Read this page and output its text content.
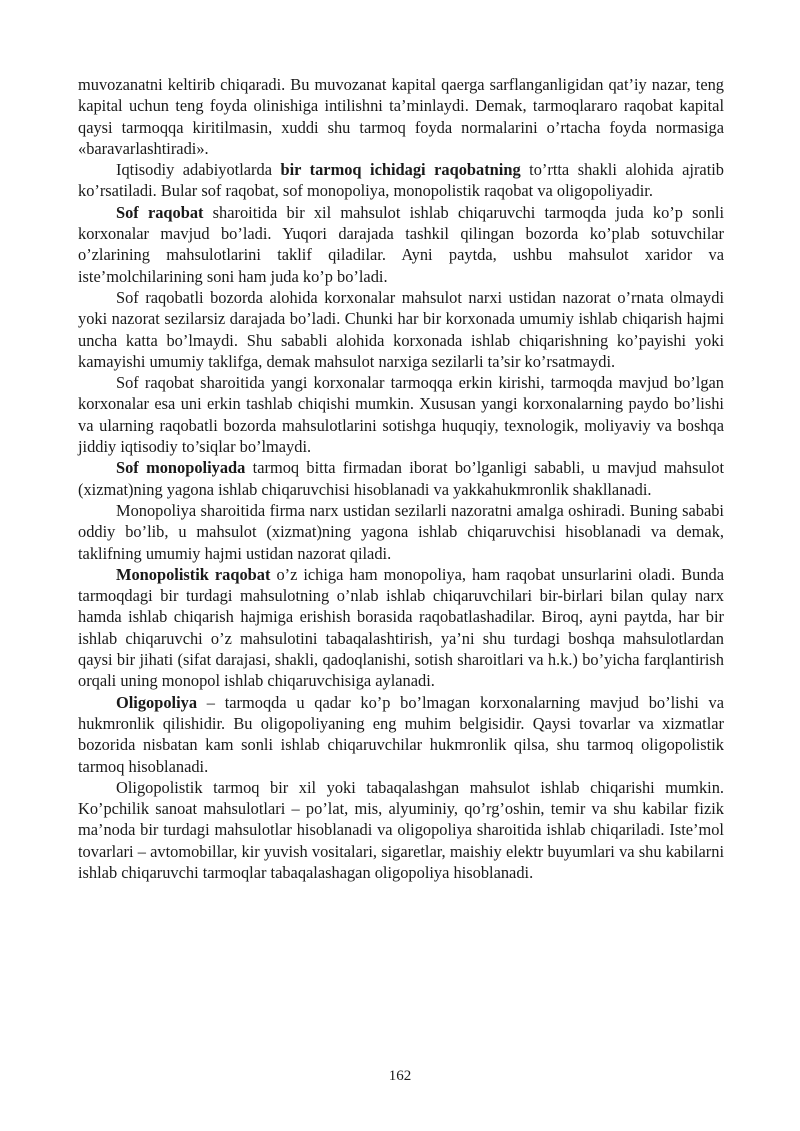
muvozanatni keltirib chiqaradi. Bu muvozanat kapital qaerga sarflanganligidan qat’iy nazar, teng kapital uchun teng foyda olinishiga intilishni ta’minlaydi. Demak, tarmoqlararo raqobat kapital qaysi tarmoqqa kiritilmasin, xuddi shu tarmoq foyda normalarini o’rtacha foyda normasiga «baravarlashtiradi».

Iqtisodiy adabiyotlarda bir tarmoq ichidagi raqobatning to’rtta shakli alohida ajratib ko’rsatiladi. Bular sof raqobat, sof monopoliya, monopolistik raqobat va oligopoliyadir.

Sof raqobat sharoitida bir xil mahsulot ishlab chiqaruvchi tarmoqda juda ko’p sonli korxonalar mavjud bo’ladi. Yuqori darajada tashkil qilingan bozorda ko’plab sotuvchilar o’zlarining mahsulotlarini taklif qiladilar. Ayni paytda, ushbu mahsulot xaridor va iste’molchilarining soni ham juda ko’p bo’ladi.

Sof raqobatli bozorda alohida korxonalar mahsulot narxi ustidan nazorat o’rnata olmaydi yoki nazorat sezilarsiz darajada bo’ladi. Chunki har bir korxonada umumiy ishlab chiqarish hajmi uncha katta bo’lmaydi. Shu sababli alohida korxonada ishlab chiqarishning ko’payishi yoki kamayishi umumiy taklifga, demak mahsulot narxiga sezilarli ta’sir ko’rsatmaydi.

Sof raqobat sharoitida yangi korxonalar tarmoqqa erkin kirishi, tarmoqda mavjud bo’lgan korxonalar esa uni erkin tashlab chiqishi mumkin. Xususan yangi korxonalarning paydo bo’lishi va ularning raqobatli bozorda mahsulotlarini sotishga huquqiy, texnologik, moliyaviy va boshqa jiddiy iqtisodiy to’siqlar bo’lmaydi.

Sof monopoliyada tarmoq bitta firmadan iborat bo’lganligi sababli, u mavjud mahsulot (xizmat)ning yagona ishlab chiqaruvchisi hisoblanadi va yakkahukmronlik shakllanadi.

Monopoliya sharoitida firma narx ustidan sezilarli nazoratni amalga oshiradi. Buning sababi oddiy bo’lib, u mahsulot (xizmat)ning yagona ishlab chiqaruvchisi hisoblanadi va demak, taklifning umumiy hajmi ustidan nazorat qiladi.

Monopolistik raqobat o’z ichiga ham monopoliya, ham raqobat unsurlarini oladi. Bunda tarmoqdagi bir turdagi mahsulotning o’nlab ishlab chiqaruvchilari bir-birlari bilan qulay narx hamda ishlab chiqarish hajmiga erishish borasida raqobatlashadilar. Biroq, ayni paytda, har bir ishlab chiqaruvchi o’z mahsulotini tabaqalashtirish, ya’ni shu turdagi boshqa mahsulotlardan qaysi bir jihati (sifat darajasi, shakli, qadoqlanishi, sotish sharoitlari va h.k.) bo’yicha farqlantirish orqali uning monopol ishlab chiqaruvchisiga aylanadi.

Oligopoliya – tarmoqda u qadar ko’p bo’lmagan korxonalarning mavjud bo’lishi va hukmronlik qilishidir. Bu oligopoliyaning eng muhim belgisidir. Qaysi tovarlar va xizmatlar bozorida nisbatan kam sonli ishlab chiqaruvchilar hukmronlik qilsa, shu tarmoq oligopolistik tarmoq hisoblanadi.

Oligopolistik tarmoq bir xil yoki tabaqalashgan mahsulot ishlab chiqarishi mumkin. Ko’pchilik sanoat mahsulotlari – po’lat, mis, alyuminiy, qo’rg’oshin, temir va shu kabilar fizik ma’noda bir turdagi mahsulotlar hisoblanadi va oligopoliya sharoitida ishlab chiqariladi. Iste’mol tovarlari – avtomobillar, kir yuvish vositalari, sigaretlar, maishiy elektr buyumlari va shu kabilarni ishlab chiqaruvchi tarmoqlar tabaqalashagan oligopoliya hisoblanadi.

162
